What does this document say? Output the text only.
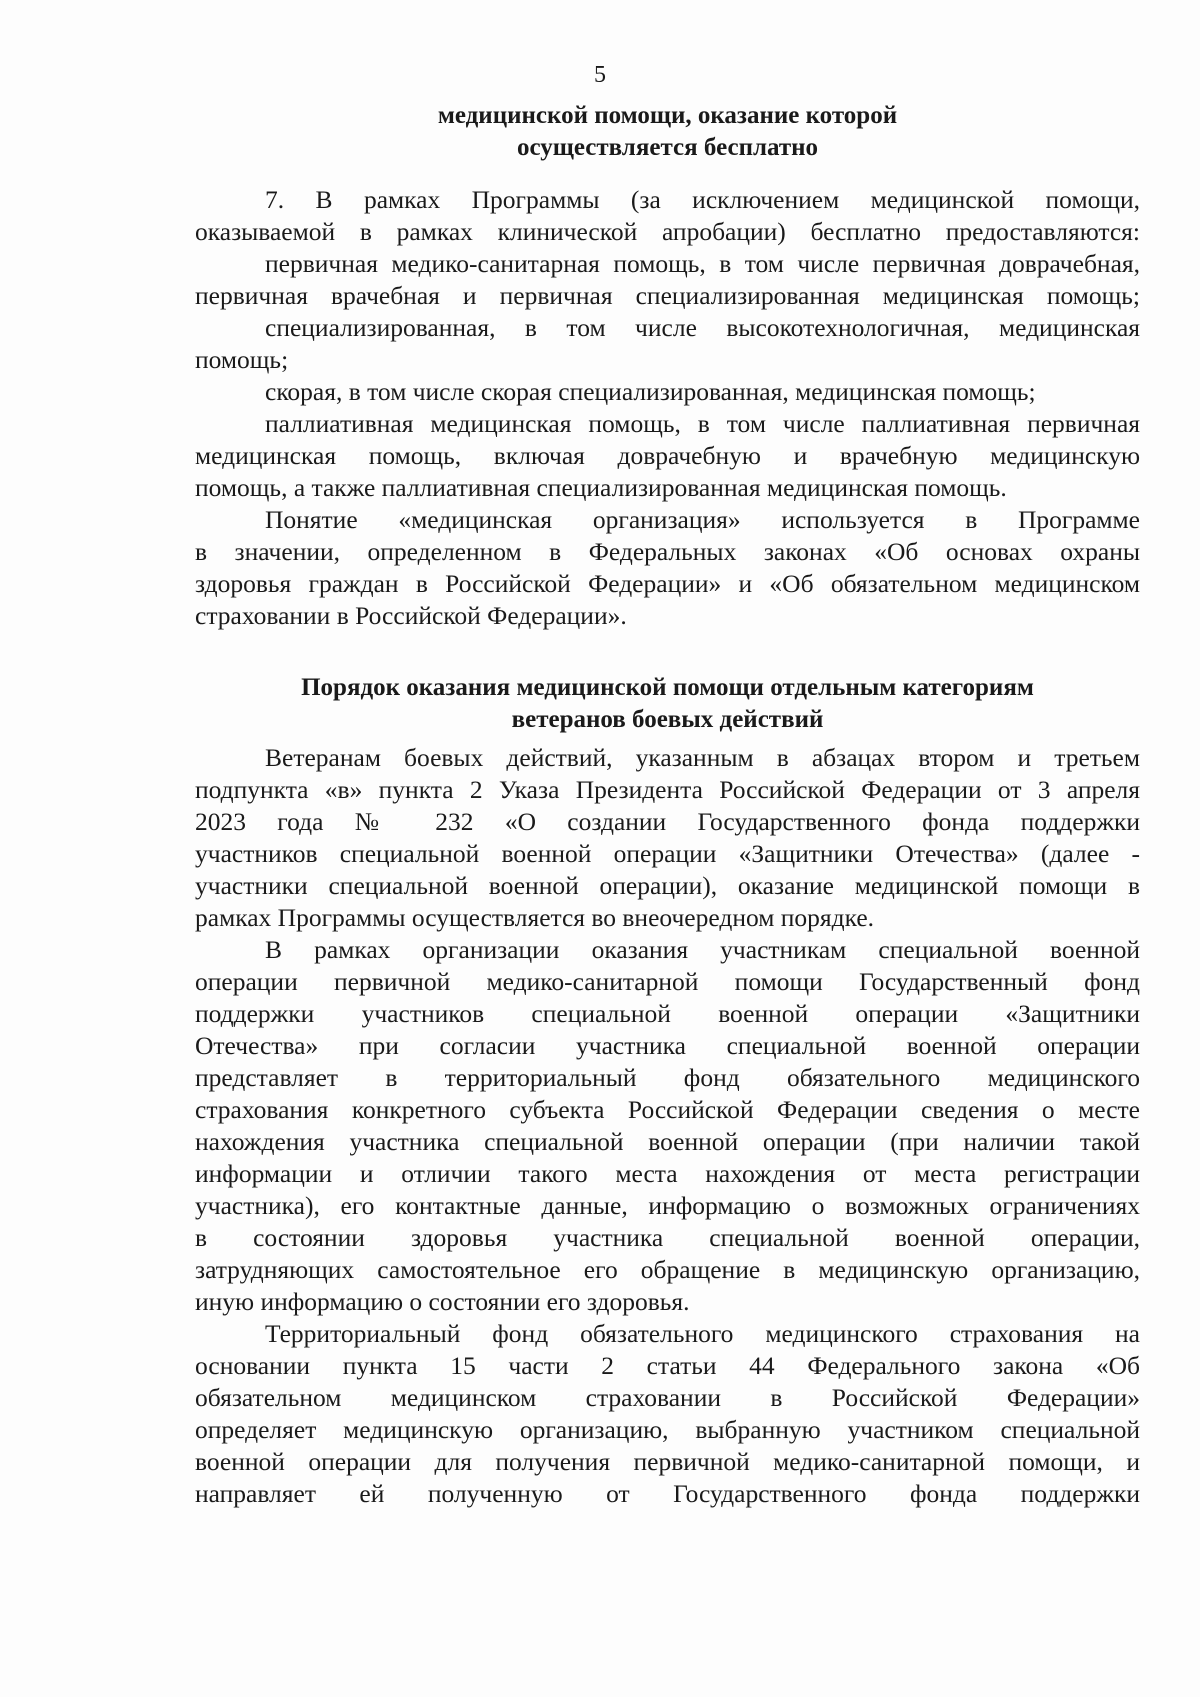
5
медицинской помощи, оказание которой
осуществляется бесплатно
7. В рамках Программы (за исключением медицинской помощи,
оказываемой в рамках клинической апробации) бесплатно предоставляются:
первичная медико-санитарная помощь, в том числе первичная доврачебная,
первичная врачебная и первичная специализированная медицинская помощь;
специализированная, в том числе высокотехнологичная, медицинская
помощь;
скорая, в том числе скорая специализированная, медицинская помощь;
паллиативная медицинская помощь, в том числе паллиативная первичная
медицинская помощь, включая доврачебную и врачебную медицинскую
помощь, а также паллиативная специализированная медицинская помощь.
Понятие «медицинская организация» используется в Программе
в значении, определенном в Федеральных законах «Об основах охраны
здоровья граждан в Российской Федерации» и «Об обязательном медицинском
страховании в Российской Федерации».
Порядок оказания медицинской помощи отдельным категориям
ветеранов боевых действий
Ветеранам боевых действий, указанным в абзацах втором и третьем
подпункта «в» пункта 2 Указа Президента Российской Федерации от 3 апреля
2023 года № 232 «О создании Государственного фонда поддержки
участников специальной военной операции «Защитники Отечества» (далее -
участники специальной военной операции), оказание медицинской помощи в
рамках Программы осуществляется во внеочередном порядке.
В рамках организации оказания участникам специальной военной
операции первичной медико-санитарной помощи Государственный фонд
поддержки участников специальной военной операции «Защитники
Отечества» при согласии участника специальной военной операции
представляет в территориальный фонд обязательного медицинского
страхования конкретного субъекта Российской Федерации сведения о месте
нахождения участника специальной военной операции (при наличии такой
информации и отличии такого места нахождения от места регистрации
участника), его контактные данные, информацию о возможных ограничениях
в состоянии здоровья участника специальной военной операции,
затрудняющих самостоятельное его обращение в медицинскую организацию,
иную информацию о состоянии его здоровья.
Территориальный фонд обязательного медицинского страхования на
основании пункта 15 части 2 статьи 44 Федерального закона «Об
обязательном медицинском страховании в Российской Федерации»
определяет медицинскую организацию, выбранную участником специальной
военной операции для получения первичной медико-санитарной помощи, и
направляет ей полученную от Государственного фонда поддержки
